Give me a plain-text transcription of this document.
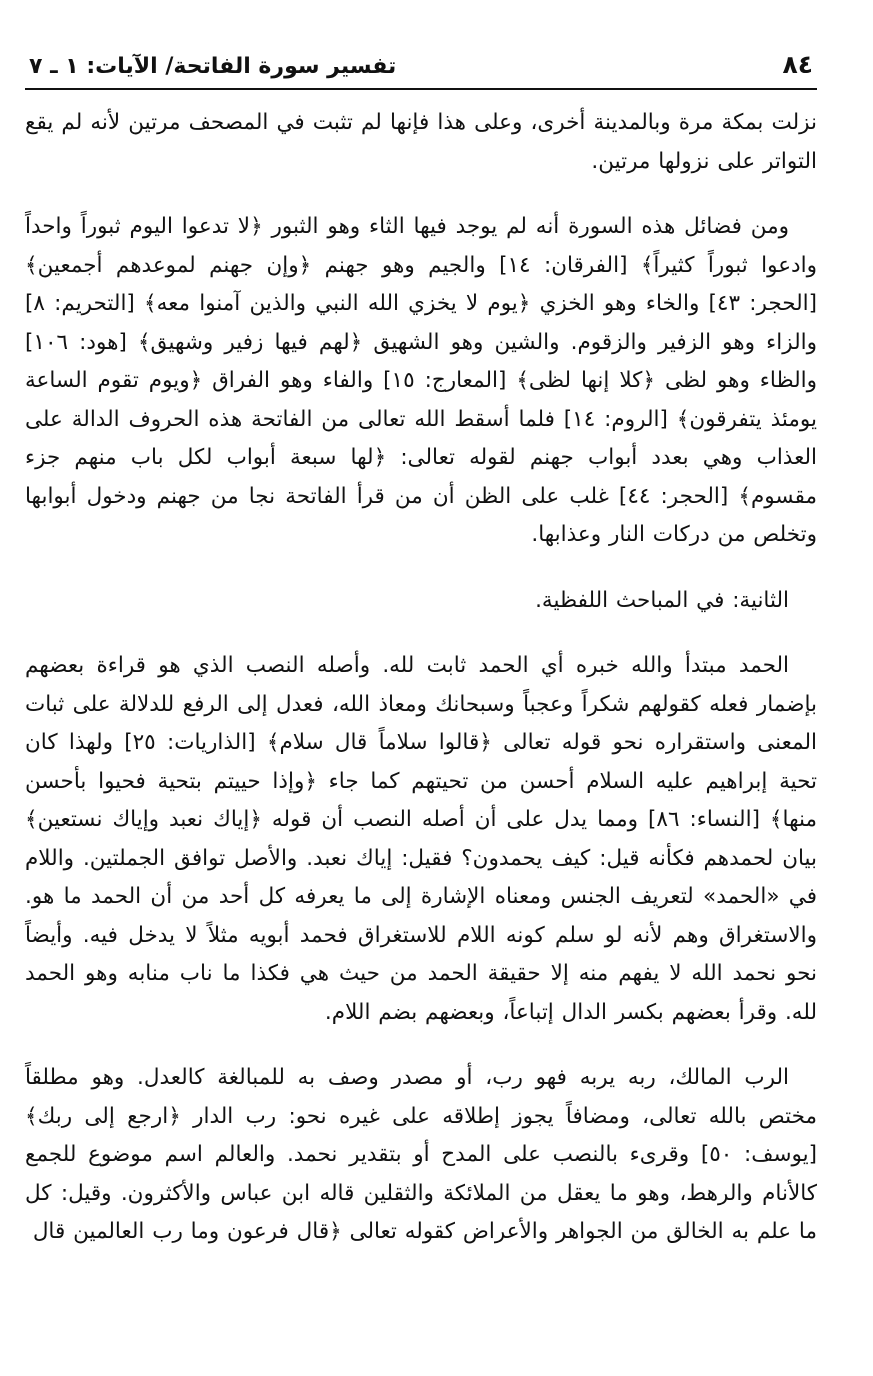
٨٤
تفسير سورة الفاتحة/ الآيات: ١ ـ ٧

نزلت بمكة مرة وبالمدينة أخرى، وعلى هذا فإنها لم تثبت في المصحف مرتين لأنه لم يقع التواتر على نزولها مرتين.

ومن فضائل هذه السورة أنه لم يوجد فيها الثاء وهو الثبور ﴿لا تدعوا اليوم ثبوراً واحداً وادعوا ثبوراً كثيراً﴾ [الفرقان: ١٤] والجيم وهو جهنم ﴿وإن جهنم لموعدهم أجمعين﴾ [الحجر: ٤٣] والخاء وهو الخزي ﴿يوم لا يخزي الله النبي والذين آمنوا معه﴾ [التحريم: ٨] والزاء وهو الزفير والزقوم. والشين وهو الشهيق ﴿لهم فيها زفير وشهيق﴾ [هود: ١٠٦] والظاء وهو لظى ﴿كلا إنها لظى﴾ [المعارج: ١٥] والفاء وهو الفراق ﴿ويوم تقوم الساعة يومئذ يتفرقون﴾ [الروم: ١٤] فلما أسقط الله تعالى من الفاتحة هذه الحروف الدالة على العذاب وهي بعدد أبواب جهنم لقوله تعالى: ﴿لها سبعة أبواب لكل باب منهم جزء مقسوم﴾ [الحجر: ٤٤] غلب على الظن أن من قرأ الفاتحة نجا من جهنم ودخول أبوابها وتخلص من دركات النار وعذابها.

الثانية: في المباحث اللفظية.

الحمد مبتدأ والله خبره أي الحمد ثابت لله. وأصله النصب الذي هو قراءة بعضهم بإضمار فعله كقولهم شكراً وعجباً وسبحانك ومعاذ الله، فعدل إلى الرفع للدلالة على ثبات المعنى واستقراره نحو قوله تعالى ﴿قالوا سلاماً قال سلام﴾ [الذاريات: ٢٥] ولهذا كان تحية إبراهيم عليه السلام أحسن من تحيتهم كما جاء ﴿وإذا حييتم بتحية فحيوا بأحسن منها﴾ [النساء: ٨٦] ومما يدل على أن أصله النصب أن قوله ﴿إياك نعبد وإياك نستعين﴾ بيان لحمدهم فكأنه قيل: كيف يحمدون؟ فقيل: إياك نعبد. والأصل توافق الجملتين. واللام في «الحمد» لتعريف الجنس ومعناه الإشارة إلى ما يعرفه كل أحد من أن الحمد ما هو. والاستغراق وهم لأنه لو سلم كونه اللام للاستغراق فحمد أبويه مثلاً لا يدخل فيه. وأيضاً نحو نحمد الله لا يفهم منه إلا حقيقة الحمد من حيث هي فكذا ما ناب منابه وهو الحمد لله. وقرأ بعضهم بكسر الدال إتباعاً، وبعضهم بضم اللام.

الرب المالك، ربه يربه فهو رب، أو مصدر وصف به للمبالغة كالعدل. وهو مطلقاً مختص بالله تعالى، ومضافاً يجوز إطلاقه على غيره نحو: رب الدار ﴿ارجع إلى ربك﴾ [يوسف: ٥٠] وقرىء بالنصب على المدح أو بتقدير نحمد. والعالم اسم موضوع للجمع كالأنام والرهط، وهو ما يعقل من الملائكة والثقلين قاله ابن عباس والأكثرون. وقيل: كل ما علم به الخالق من الجواهر والأعراض كقوله تعالى ﴿قال فرعون وما رب العالمين قال
